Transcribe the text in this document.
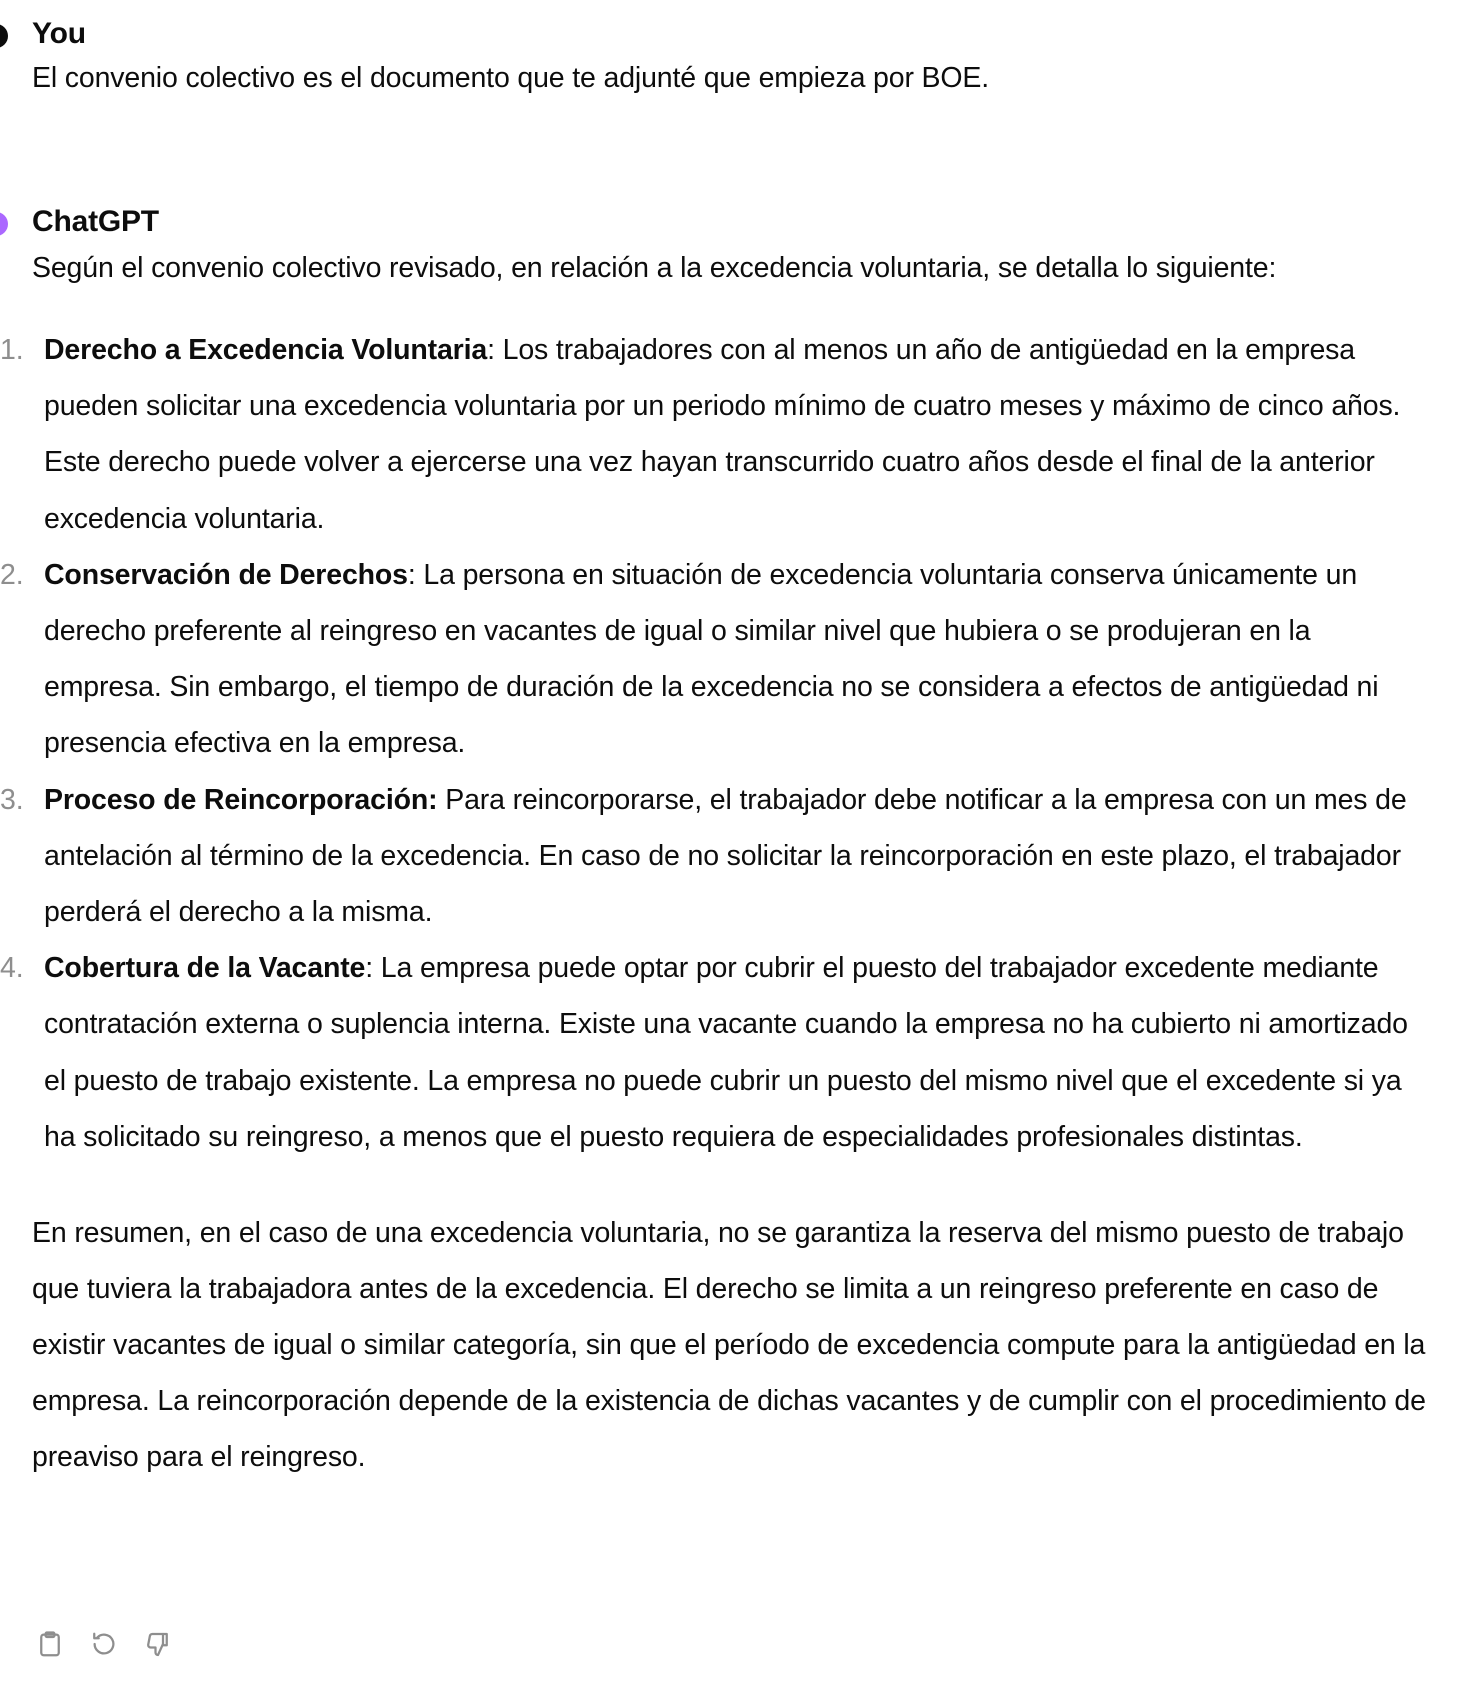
You

El convenio colectivo es el documento que te adjunté que empieza por BOE.

ChatGPT

Según el convenio colectivo revisado, en relación a la excedencia voluntaria, se detalla lo siguiente:

1. Derecho a Excedencia Voluntaria: Los trabajadores con al menos un año de antigüedad en la empresa pueden solicitar una excedencia voluntaria por un periodo mínimo de cuatro meses y máximo de cinco años. Este derecho puede volver a ejercerse una vez hayan transcurrido cuatro años desde el final de la anterior excedencia voluntaria.
2. Conservación de Derechos: La persona en situación de excedencia voluntaria conserva únicamente un derecho preferente al reingreso en vacantes de igual o similar nivel que hubiera o se produjeran en la empresa. Sin embargo, el tiempo de duración de la excedencia no se considera a efectos de antigüedad ni presencia efectiva en la empresa.
3. Proceso de Reincorporación: Para reincorporarse, el trabajador debe notificar a la empresa con un mes de antelación al término de la excedencia. En caso de no solicitar la reincorporación en este plazo, el trabajador perderá el derecho a la misma.
4. Cobertura de la Vacante: La empresa puede optar por cubrir el puesto del trabajador excedente mediante contratación externa o suplencia interna. Existe una vacante cuando la empresa no ha cubierto ni amortizado el puesto de trabajo existente. La empresa no puede cubrir un puesto del mismo nivel que el excedente si ya ha solicitado su reingreso, a menos que el puesto requiera de especialidades profesionales distintas.

En resumen, en el caso de una excedencia voluntaria, no se garantiza la reserva del mismo puesto de trabajo que tuviera la trabajadora antes de la excedencia. El derecho se limita a un reingreso preferente en caso de existir vacantes de igual o similar categoría, sin que el período de excedencia compute para la antigüedad en la empresa. La reincorporación depende de la existencia de dichas vacantes y de cumplir con el procedimiento de preaviso para el reingreso.
